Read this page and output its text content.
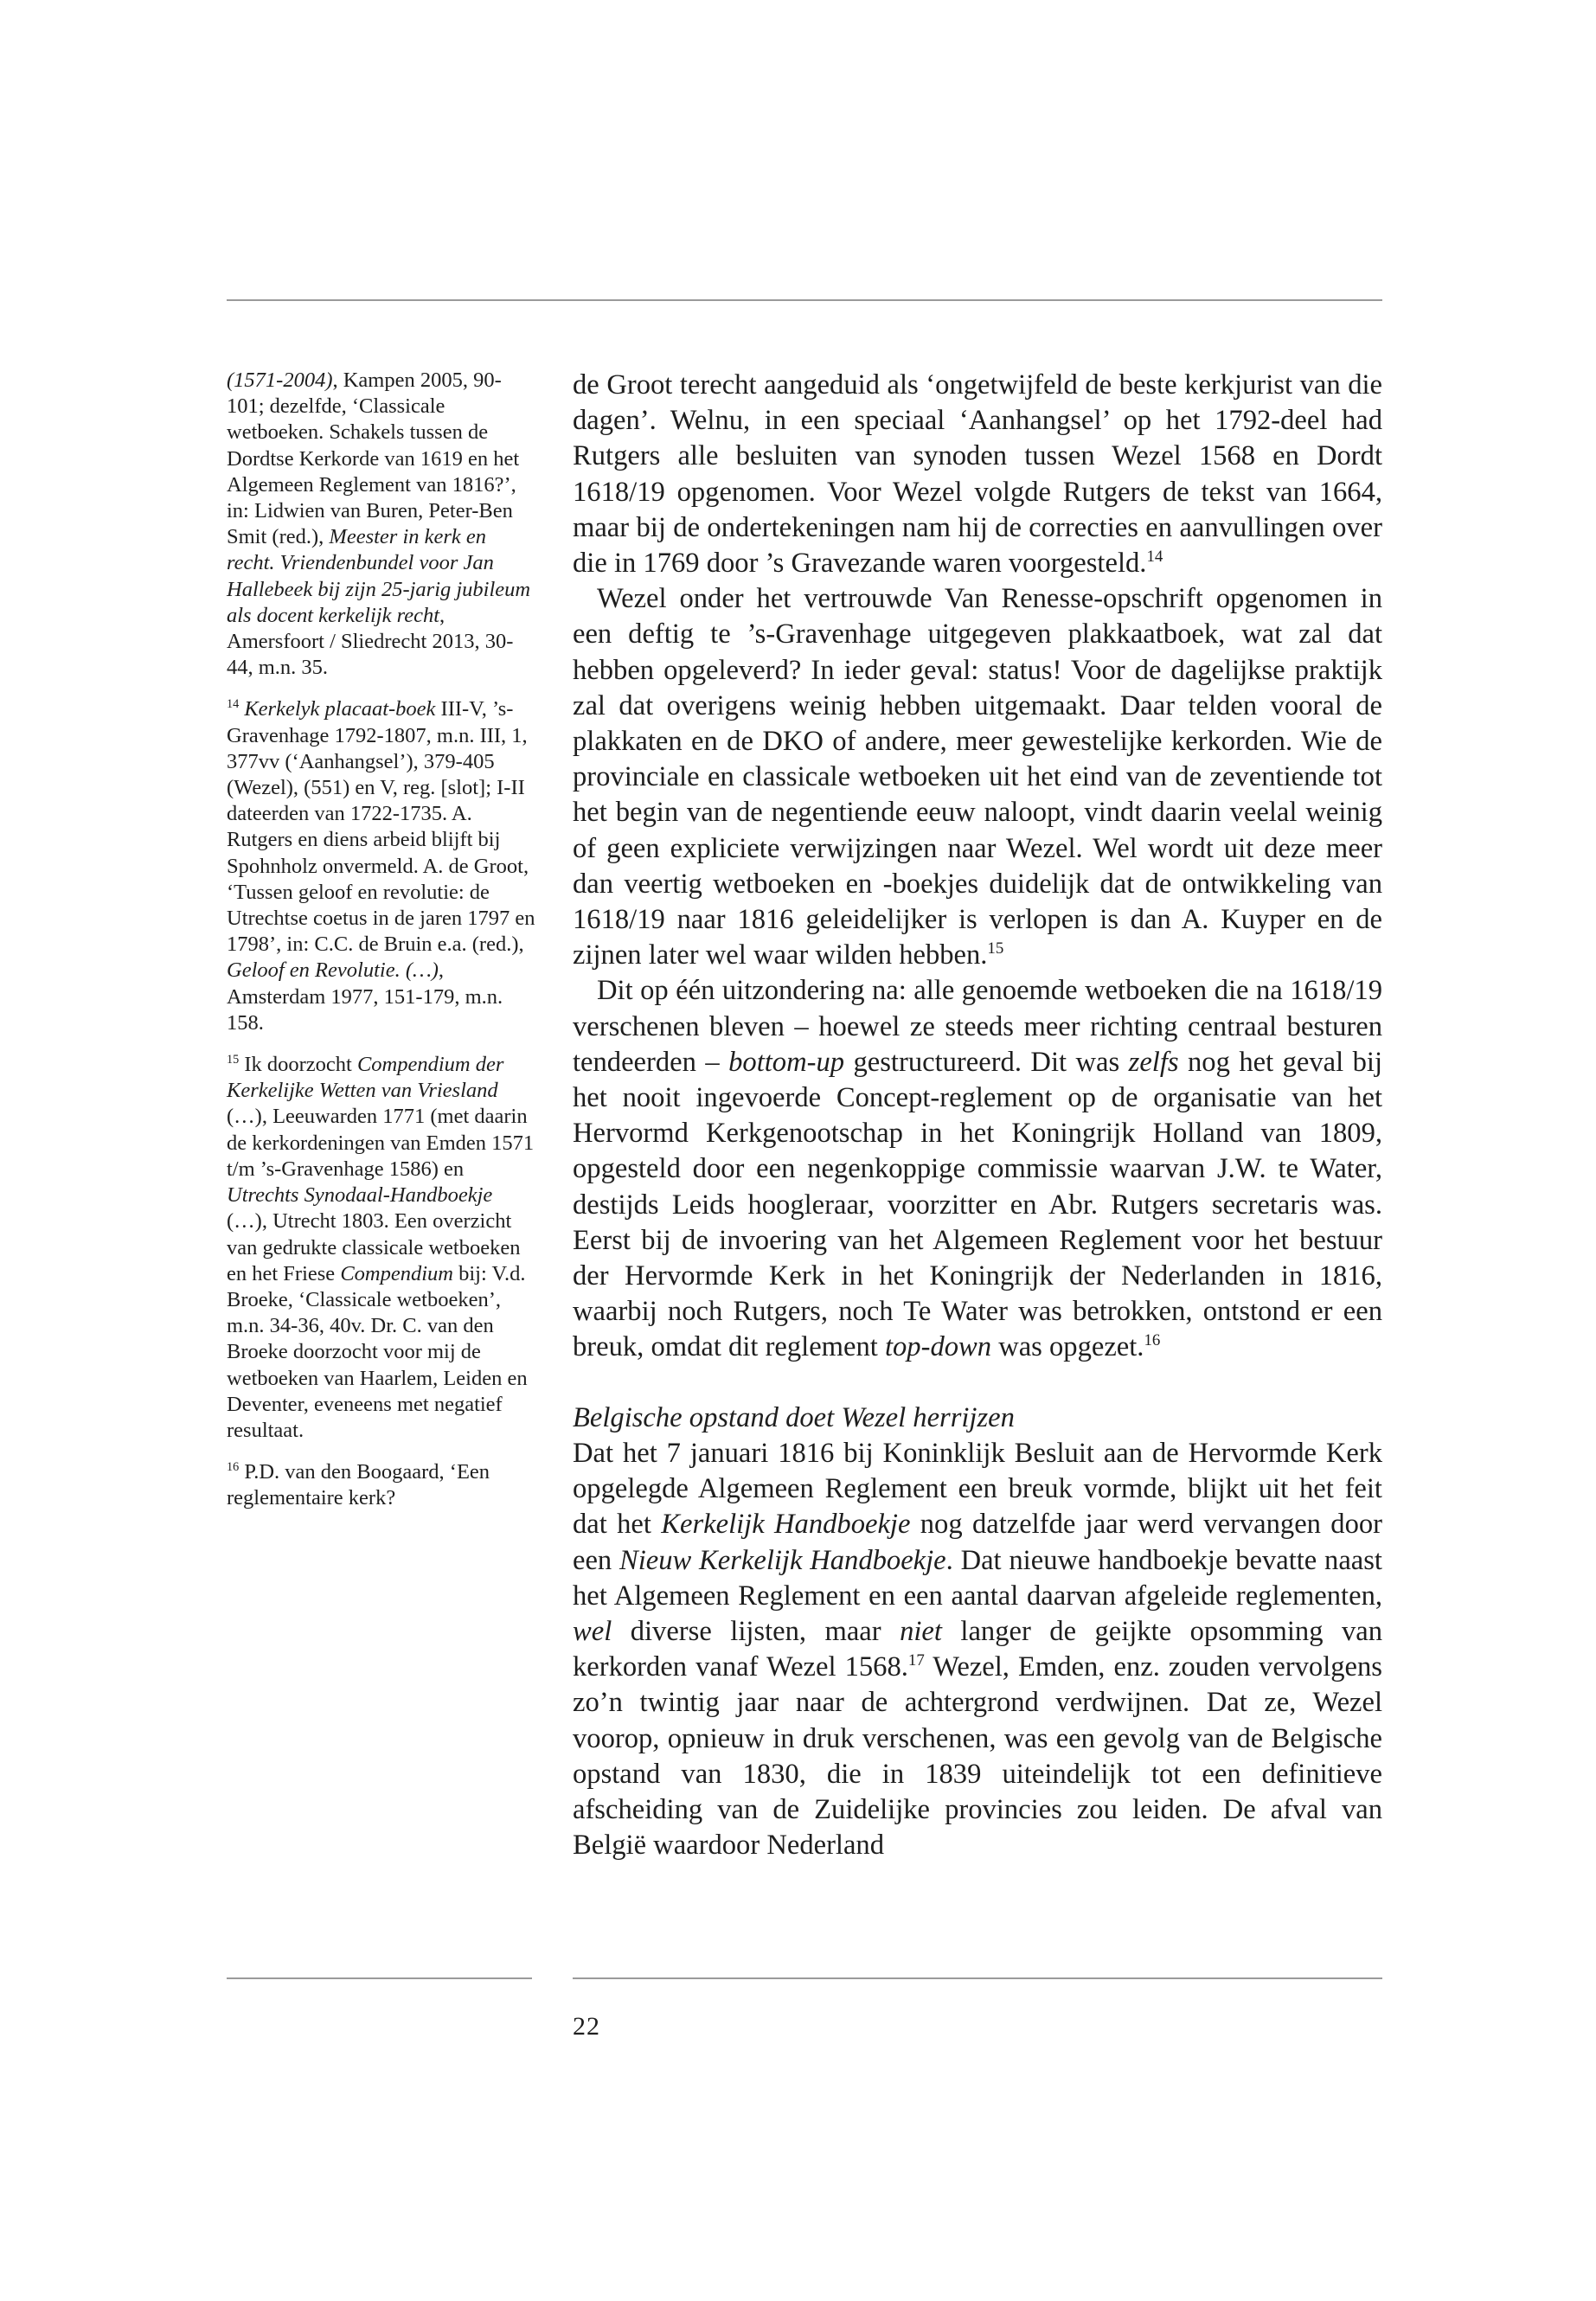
(1571-2004), Kampen 2005, 90-101; dezelfde, ‘Classicale wetboeken. Schakels tussen de Dordtse Kerkorde van 1619 en het Algemeen Reglement van 1816?’, in: Lidwien van Buren, Peter-Ben Smit (red.), Meester in kerk en recht. Vriendenbundel voor Jan Hallebeek bij zijn 25-jarig jubileum als docent kerkelijk recht, Amersfoort / Sliedrecht 2013, 30-44, m.n. 35.

$^{14}$ Kerkelyk placaat-boek III-V, ’s-Gravenhage 1792-1807, m.n. III, 1, 377vv (‘Aanhangsel’), 379-405 (Wezel), (551) en V, reg. [slot]; I-II dateerden van 1722-1735. A. Rutgers en diens arbeid blijft bij Spohnholz onvermeld. A. de Groot, ‘Tussen geloof en revolutie: de Utrechtse coetus in de jaren 1797 en 1798’, in: C.C. de Bruin e.a. (red.), Geloof en Revolutie. (…), Amsterdam 1977, 151-179, m.n. 158.

$^{15}$ Ik doorzocht Compendium der Kerkelijke Wetten van Vriesland (…), Leeuwarden 1771 (met daarin de kerkordeningen van Emden 1571 t/m ’s-Gravenhage 1586) en Utrechts Synodaal-Handboekje (…), Utrecht 1803. Een overzicht van gedrukte classicale wetboeken en het Friese Compendium bij: V.d. Broeke, ‘Classicale wetboeken’, m.n. 34-36, 40v. Dr. C. van den Broeke doorzocht voor mij de wetboeken van Haarlem, Leiden en Deventer, eveneens met negatief resultaat.

$^{16}$ P.D. van den Boogaard, ‘Een reglementaire kerk?

de Groot terecht aangeduid als ‘ongetwijfeld de beste kerkjurist van die dagen’. Welnu, in een speciaal ‘Aanhangsel’ op het 1792-deel had Rutgers alle besluiten van synoden tussen Wezel 1568 en Dordt 1618/19 opgenomen. Voor Wezel volgde Rutgers de tekst van 1664, maar bij de ondertekeningen nam hij de correcties en aanvullingen over die in 1769 door ’s Gravezande waren voorgesteld.$^{14}$

Wezel onder het vertrouwde Van Renesse-opschrift opgenomen in een deftig te ’s-Gravenhage uitgegeven plakkaatboek, wat zal dat hebben opgeleverd? In ieder geval: status! Voor de dagelijkse praktijk zal dat overigens weinig hebben uitgemaakt. Daar telden vooral de plakkaten en de DKO of andere, meer gewestelijke kerkorden. Wie de provinciale en classicale wetboeken uit het eind van de zeventiende tot het begin van de negentiende eeuw naloopt, vindt daarin veelal weinig of geen expliciete verwijzingen naar Wezel. Wel wordt uit deze meer dan veertig wetboeken en -boekjes duidelijk dat de ontwikkeling van 1618/19 naar 1816 geleidelijker is verlopen is dan A. Kuyper en de zijnen later wel waar wilden hebben.$^{15}$

Dit op één uitzondering na: alle genoemde wetboeken die na 1618/19 verschenen bleven – hoewel ze steeds meer richting centraal besturen tendeerden – bottom-up gestructureerd. Dit was zelfs nog het geval bij het nooit ingevoerde Concept-reglement op de organisatie van het Hervormd Kerkgenootschap in het Koningrijk Holland van 1809, opgesteld door een negenkoppige commissie waarvan J.W. te Water, destijds Leids hoogleraar, voorzitter en Abr. Rutgers secretaris was. Eerst bij de invoering van het Algemeen Reglement voor het bestuur der Hervormde Kerk in het Koningrijk der Nederlanden in 1816, waarbij noch Rutgers, noch Te Water was betrokken, ontstond er een breuk, omdat dit reglement top-down was opgezet.$^{16}$

Belgische opstand doet Wezel herrijzen

Dat het 7 januari 1816 bij Koninklijk Besluit aan de Hervormde Kerk opgelegde Algemeen Reglement een breuk vormde, blijkt uit het feit dat het Kerkelijk Handboekje nog datzelfde jaar werd vervangen door een Nieuw Kerkelijk Handboekje. Dat nieuwe handboekje bevatte naast het Algemeen Reglement en een aantal daarvan afgeleide reglementen, wel diverse lijsten, maar niet langer de geijkte opsomming van kerkorden vanaf Wezel 1568.17 Wezel, Emden, enz. zouden vervolgens zo’n twintig jaar naar de achtergrond verdwijnen. Dat ze, Wezel voorop, opnieuw in druk verschenen, was een gevolg van de Belgische opstand van 1830, die in 1839 uiteindelijk tot een definitieve afscheiding van de Zuidelijke provincies zou leiden. De afval van België waardoor Nederland

22
